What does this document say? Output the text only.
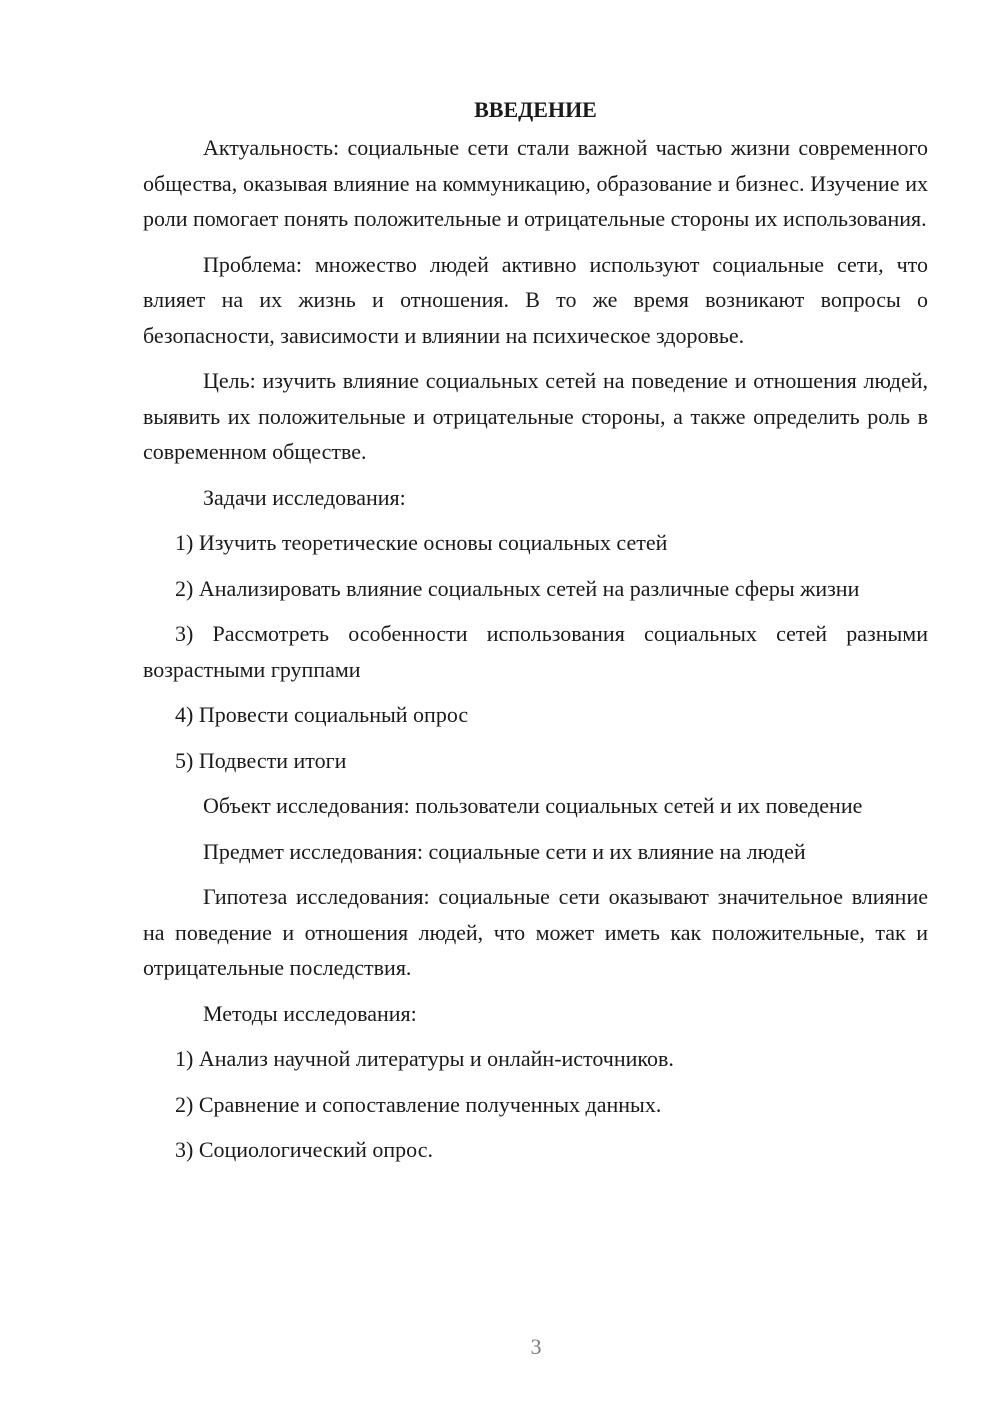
ВВЕДЕНИЕ

Актуальность: социальные сети стали важной частью жизни современного общества, оказывая влияние на коммуникацию, образование и бизнес. Изучение их роли помогает понять положительные и отрицательные стороны их использования.

Проблема: множество людей активно используют социальные сети, что влияет на их жизнь и отношения. В то же время возникают вопросы о безопасности, зависимости и влиянии на психическое здоровье.

Цель: изучить влияние социальных сетей на поведение и отношения людей, выявить их положительные и отрицательные стороны, а также определить роль в современном обществе.

Задачи исследования:

1) Изучить теоретические основы социальных сетей

2) Анализировать влияние социальных сетей на различные сферы жизни

3) Рассмотреть особенности использования социальных сетей разными возрастными группами

4) Провести социальный опрос

5) Подвести итоги

Объект исследования: пользователи социальных сетей и их поведение

Предмет исследования: социальные сети и их влияние на людей

Гипотеза исследования: социальные сети оказывают значительное влияние на поведение и отношения людей, что может иметь как положительные, так и отрицательные последствия.

Методы исследования:

1) Анализ научной литературы и онлайн-источников.

2) Сравнение и сопоставление полученных данных.

3) Социологический опрос.

3
